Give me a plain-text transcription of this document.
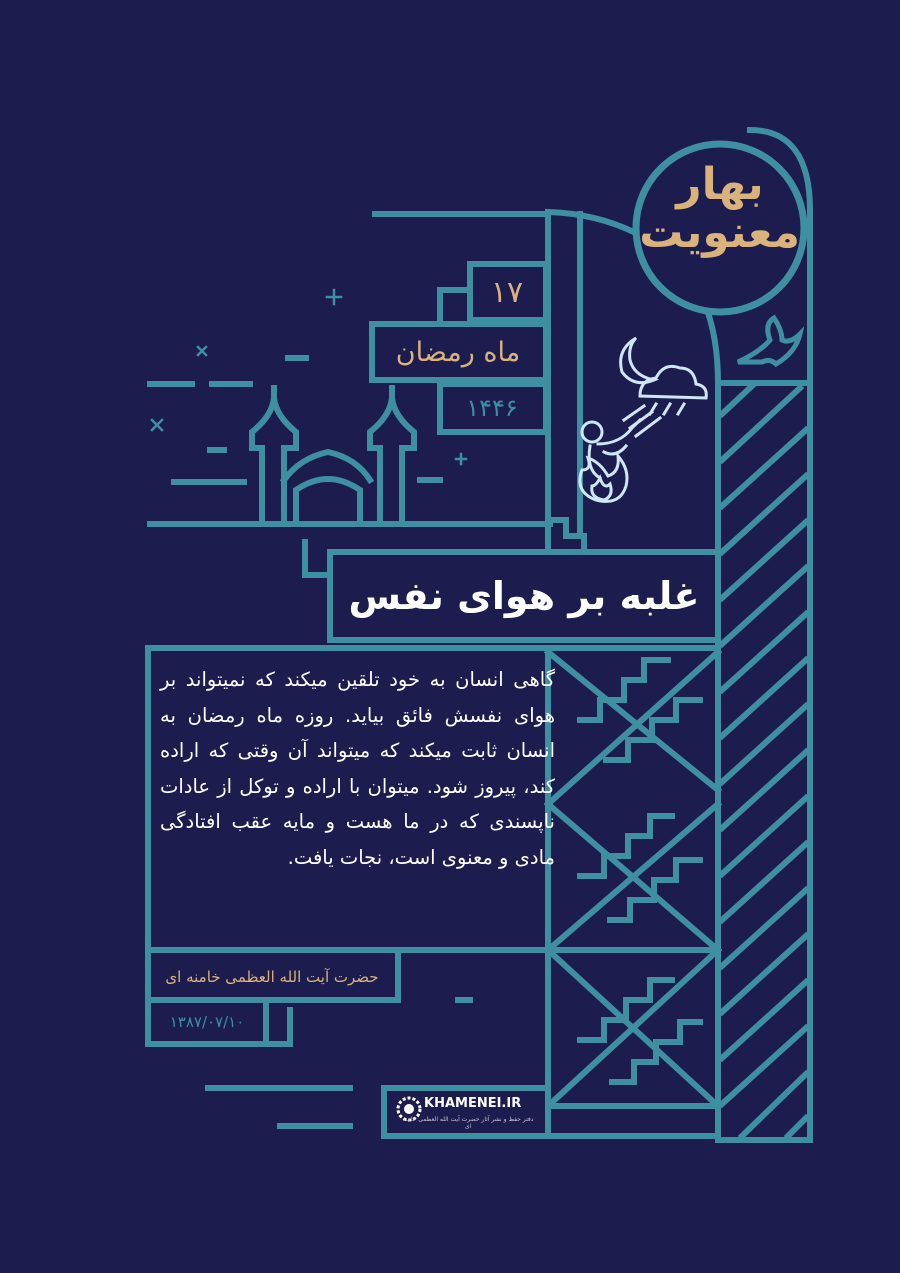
بهار
معنویت
۱۷
ماه رمضان
۱۴۴۶
غلبه بر هوای نفس
گاهی انسان به خود تلقین میکند که نمیتواند بر هوای نفسش فائق بیاید. روزه ماه رمضان به انسان ثابت میکند که میتواند آن وقتی که اراده کند، پیروز شود. میتوان با اراده و توکل از عادات ناپسندی که در ما هست و مایه عقب افتادگی مادی و معنوی است، نجات یافت.
حضرت آیت الله العظمی خامنه ای
۱۳۸۷/۰۷/۱۰
KHAMENEI.IR
دفتر حفظ و نشر آثار حضرت آیت الله العظمی خامنه ای
